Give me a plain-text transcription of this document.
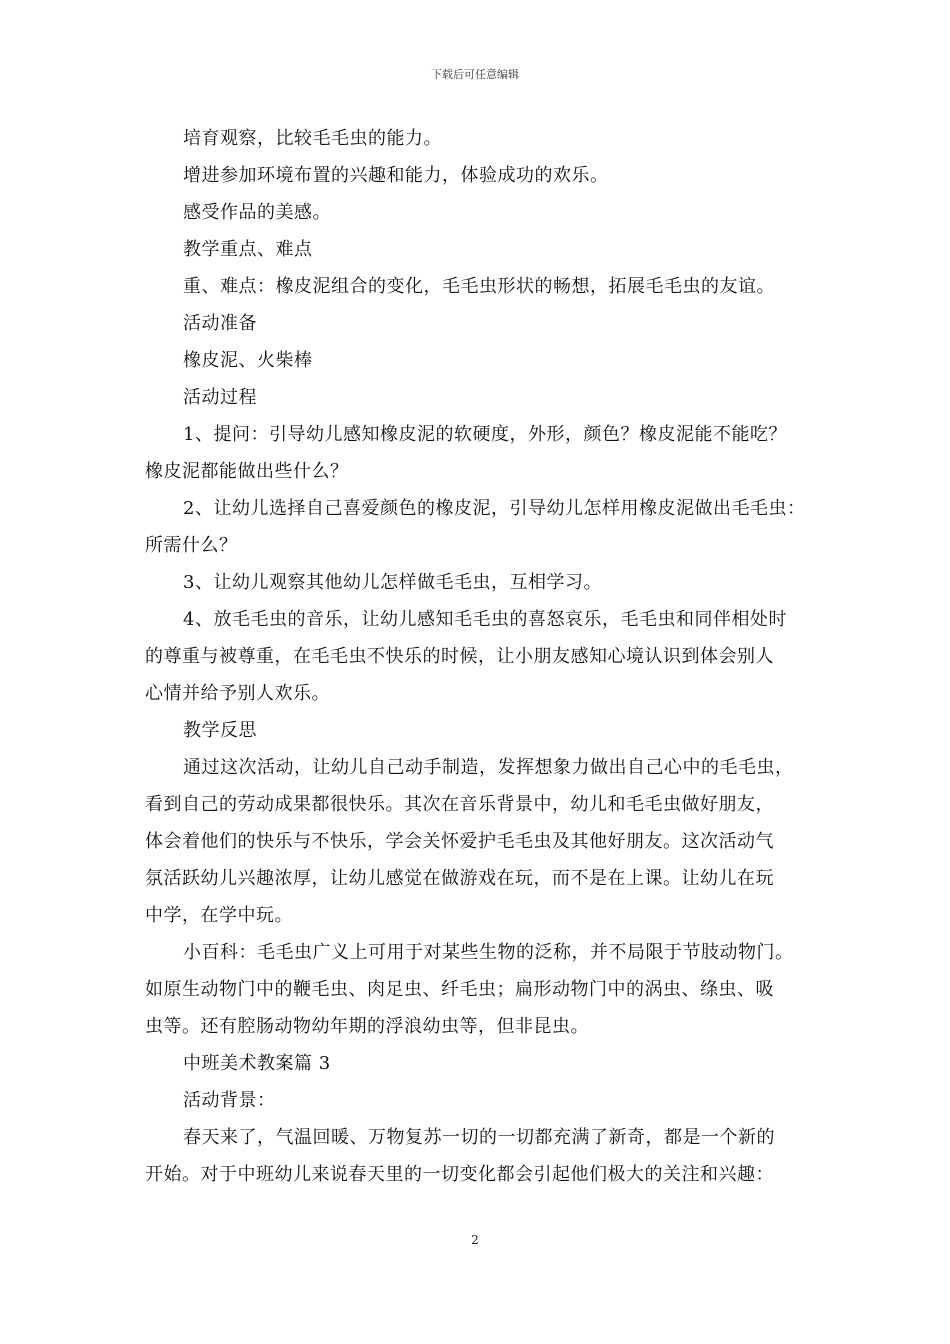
下载后可任意编辑

培育观察，比较毛毛虫的能力。

增进参加环境布置的兴趣和能力，体验成功的欢乐。

感受作品的美感。

教学重点、难点

重、难点：橡皮泥组合的变化，毛毛虫形状的畅想，拓展毛毛虫的友谊。

活动准备

橡皮泥、火柴棒

活动过程

1、提问：引导幼儿感知橡皮泥的软硬度，外形，颜色？橡皮泥能不能吃？
橡皮泥都能做出些什么？
2、让幼儿选择自己喜爱颜色的橡皮泥，引导幼儿怎样用橡皮泥做出毛毛虫：
所需什么？

3、让幼儿观察其他幼儿怎样做毛毛虫，互相学习。

4、放毛毛虫的音乐，让幼儿感知毛毛虫的喜怒哀乐，毛毛虫和同伴相处时
的尊重与被尊重，在毛毛虫不快乐的时候，让小朋友感知心境认识到体会别人
心情并给予别人欢乐。

教学反思

通过这次活动，让幼儿自己动手制造，发挥想象力做出自己心中的毛毛虫，
看到自己的劳动成果都很快乐。其次在音乐背景中，幼儿和毛毛虫做好朋友，
体会着他们的快乐与不快乐，学会关怀爱护毛毛虫及其他好朋友。这次活动气
氛活跃幼儿兴趣浓厚，让幼儿感觉在做游戏在玩，而不是在上课。让幼儿在玩
中学，在学中玩。
小百科：毛毛虫广义上可用于对某些生物的泛称，并不局限于节肢动物门。
如原生动物门中的鞭毛虫、肉足虫、纤毛虫；扁形动物门中的涡虫、绦虫、吸
虫等。还有腔肠动物幼年期的浮浪幼虫等，但非昆虫。

中班美术教案篇 3

活动背景：

春天来了，气温回暖、万物复苏一切的一切都充满了新奇，都是一个新的
开始。对于中班幼儿来说春天里的一切变化都会引起他们极大的关注和兴趣：
2
